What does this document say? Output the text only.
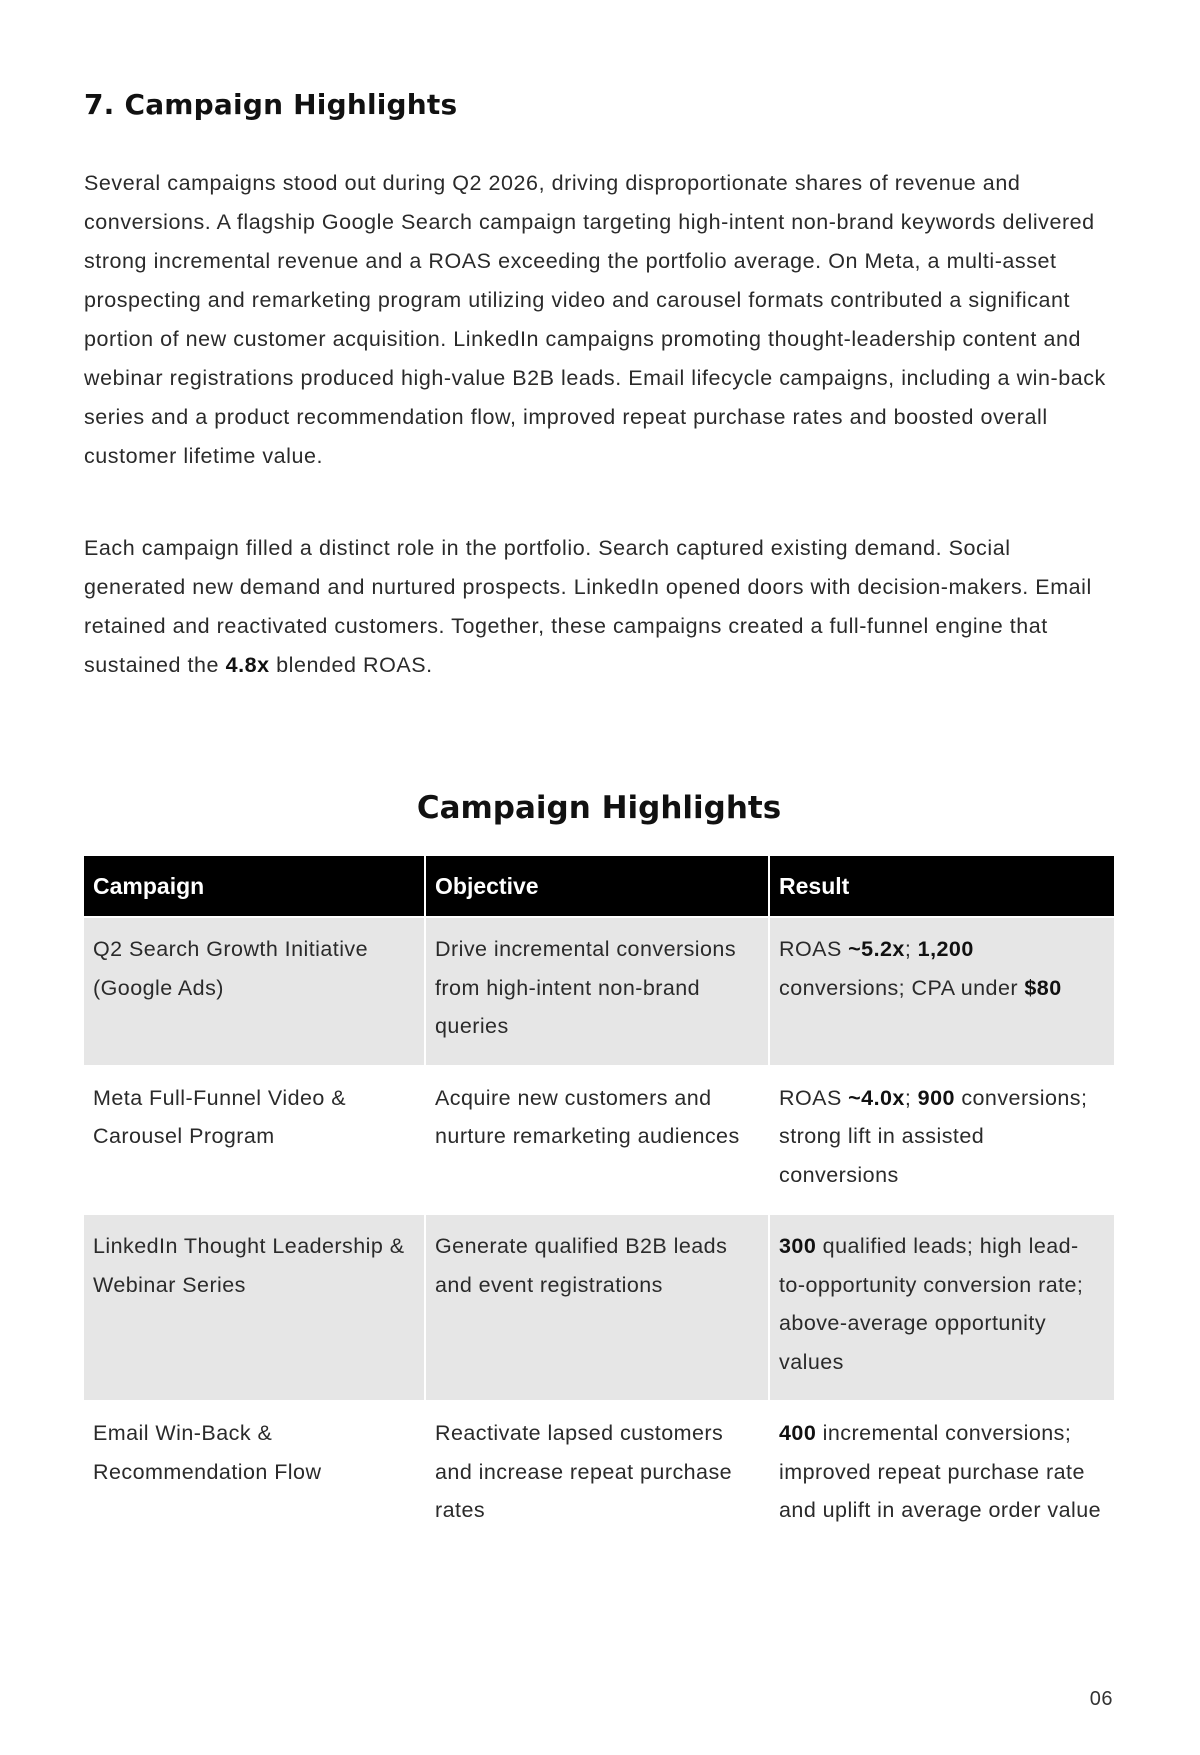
7. Campaign Highlights

Several campaigns stood out during Q2 2026, driving disproportionate shares of revenue and conversions. A flagship Google Search campaign targeting high-intent non-brand keywords delivered strong incremental revenue and a ROAS exceeding the portfolio average. On Meta, a multi-asset prospecting and remarketing program utilizing video and carousel formats contributed a significant portion of new customer acquisition. LinkedIn campaigns promoting thought-leadership content and webinar registrations produced high-value B2B leads. Email lifecycle campaigns, including a win-back series and a product recommendation flow, improved repeat purchase rates and boosted overall customer lifetime value.

Each campaign filled a distinct role in the portfolio. Search captured existing demand. Social generated new demand and nurtured prospects. LinkedIn opened doors with decision-makers. Email retained and reactivated customers. Together, these campaigns created a full-funnel engine that sustained the 4.8x blended ROAS.

Campaign Highlights
Campaign	Objective	Result
Q2 Search Growth Initiative (Google Ads)	Drive incremental conversions from high-intent non-brand queries	ROAS ~5.2x; 1,200 conversions; CPA under $80
Meta Full-Funnel Video & Carousel Program	Acquire new customers and nurture remarketing audiences	ROAS ~4.0x; 900 conversions; strong lift in assisted conversions
LinkedIn Thought Leadership & Webinar Series	Generate qualified B2B leads and event registrations	300 qualified leads; high lead-to-opportunity conversion rate; above-average opportunity values
Email Win-Back & Recommendation Flow	Reactivate lapsed customers and increase repeat purchase rates	400 incremental conversions; improved repeat purchase rate and uplift in average order value
06
